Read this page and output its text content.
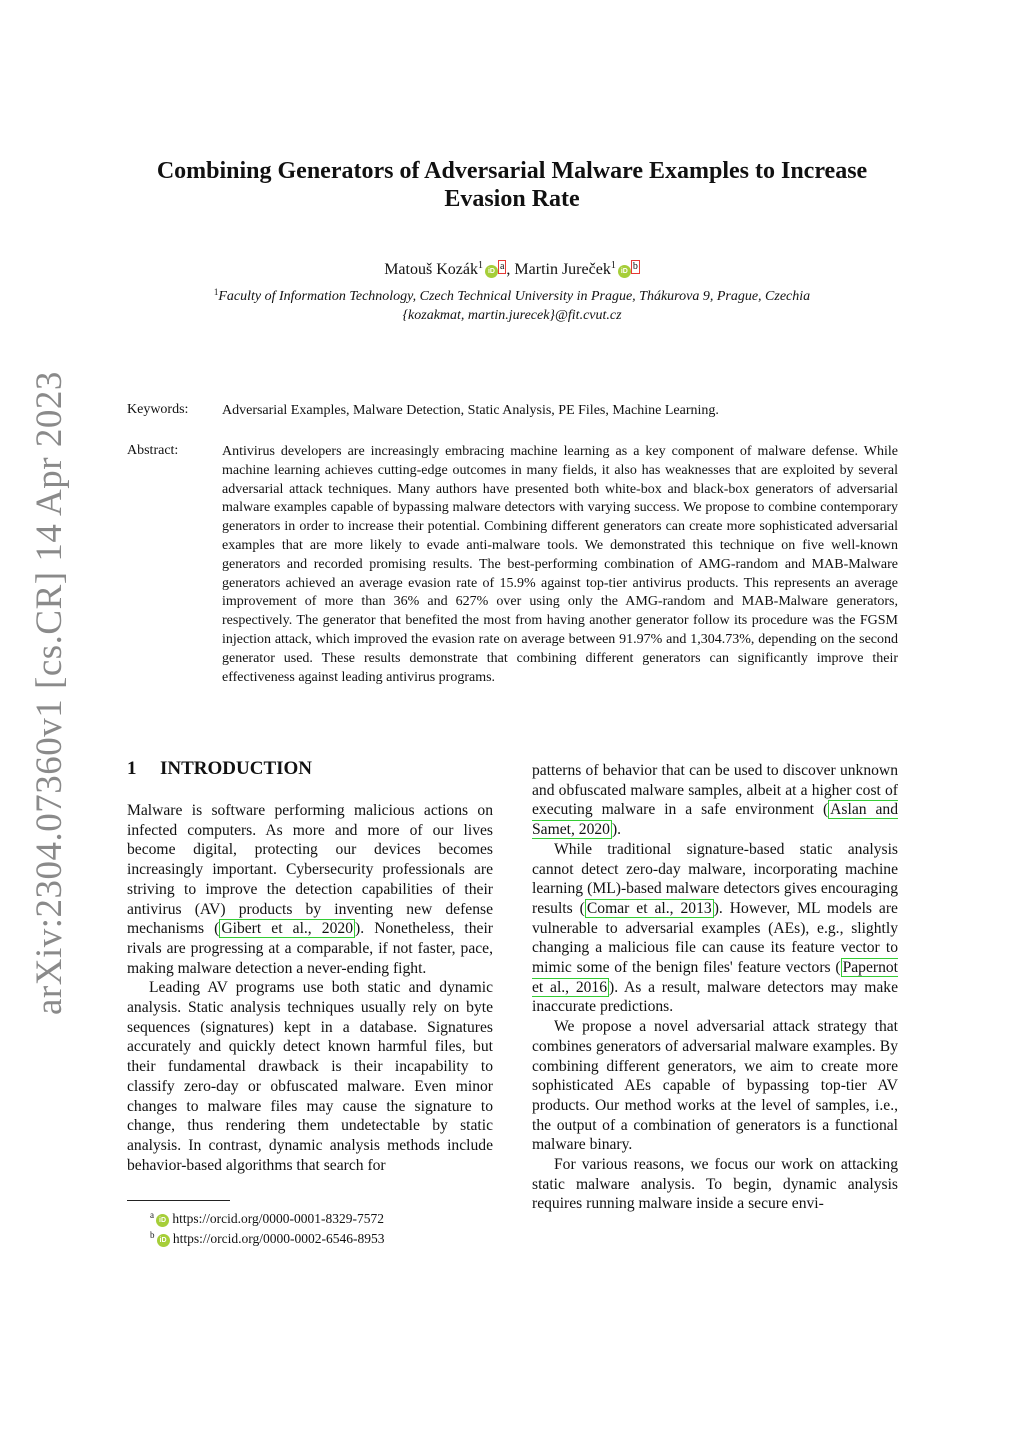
arXiv:2304.07360v1 [cs.CR] 14 Apr 2023
Combining Generators of Adversarial Malware Examples to Increase Evasion Rate
Matouš Kozák$^1$iD a , Martin Jureček$^1$iD b
$^1$Faculty of Information Technology, Czech Technical University in Prague, Thákurova 9, Prague, Czechia
{kozakmat, martin.jurecek}@fit.cvut.cz
Keywords: Adversarial Examples, Malware Detection, Static Analysis, PE Files, Machine Learning.
Abstract:	Antivirus developers are increasingly embracing machine learning as a key component of malware defense. While machine learning achieves cutting-edge outcomes in many fields, it also has weaknesses that are exploited by several adversarial attack techniques. Many authors have presented both white-box and black-box generators of adversarial malware examples capable of bypassing malware detectors with varying success. We propose to combine contemporary generators in order to increase their potential. Combining different generators can create more sophisticated adversarial examples that are more likely to evade anti-malware tools. We demonstrated this technique on five well-known generators and recorded promising results. The best-performing combination of AMG-random and MAB-Malware generators achieved an average evasion rate of 15.9% against top-tier antivirus products. This represents an average improvement of more than 36% and 627% over using only the AMG-random and MAB-Malware generators, respectively. The generator that benefited the most from having another generator follow its procedure was the FGSM injection attack, which improved the evasion rate on average between 91.97% and 1,304.73%, depending on the second generator used. These results demonstrate that combining different generators can significantly improve their effectiveness against leading antivirus programs.
1 INTRODUCTION

Malware is software performing malicious actions on infected computers. As more and more of our lives become digital, protecting our devices becomes increasingly important. Cybersecurity professionals are striving to improve the detection capabilities of their antivirus (AV) products by inventing new defense mechanisms ( Gibert et al., 2020 ). Nonetheless, their rivals are progressing at a comparable, if not faster, pace, making malware detection a never-ending fight.

Leading AV programs use both static and dynamic analysis. Static analysis techniques usually rely on byte sequences (signatures) kept in a database. Signatures accurately and quickly detect known harmful files, but their fundamental drawback is their incapability to classify zero-day or obfuscated malware. Even minor changes to malware files may cause the signature to change, thus rendering them undetectable by static analysis. In contrast, dynamic analysis methods include behavior-based algorithms that search for

patterns of behavior that can be used to discover unknown and obfuscated malware samples, albeit at a higher cost of executing malware in a safe environment ( Aslan and Samet, 2020 ).

While traditional signature-based static analysis cannot detect zero-day malware, incorporating machine learning (ML)-based malware detectors gives encouraging results ( Comar et al., 2013 ). However, ML models are vulnerable to adversarial examples (AEs), e.g., slightly changing a malicious file can cause its feature vector to mimic some of the benign files' feature vectors ( Papernot et al., 2016 ). As a result, malware detectors may make inaccurate predictions.

We propose a novel adversarial attack strategy that combines generators of adversarial malware examples. By combining different generators, we aim to create more sophisticated AEs capable of bypassing top-tier AV products. Our method works at the level of samples, i.e., the output of a combination of generators is a functional malware binary.

For various reasons, we focus our work on attacking static malware analysis. To begin, dynamic analysis requires running malware inside a secure envi-

$^a$iD https://orcid.org/0000-0001-8329-7572
$^b$iD https://orcid.org/0000-0002-6546-8953
